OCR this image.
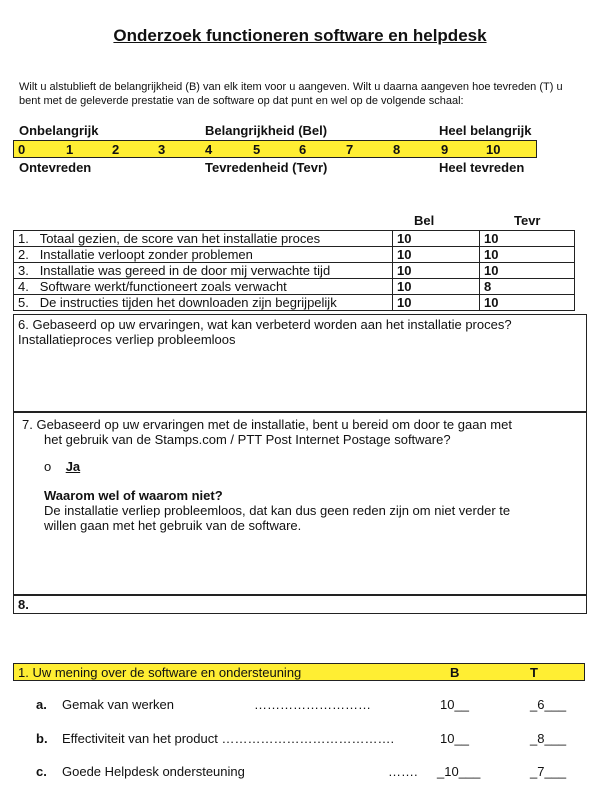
Onderzoek functioneren software en helpdesk
Wilt u alstublieft de belangrijkheid (B) van elk item voor u aangeven. Wilt u daarna aangeven hoe tevreden (T) u bent met de geleverde prestatie van de software op dat punt en wel op de volgende schaal:
Onbelangrijk	Belangrijkheid (Bel)	Heel belangrijk
0	1	2	3	4	5	6	7	8	9	10
Ontevreden	Tevredenheid (Tevr)	Heel tevreden
Bel	Tevr
1. Totaal gezien, de score van het installatie proces	10	10
2. Installatie verloopt zonder problemen	10	10
3. Installatie was gereed in de door mij verwachte tijd	10	10
4. Software werkt/functioneert zoals verwacht	10	8
5. De instructies tijden het downloaden zijn begrijpelijk	10	10
6. Gebaseerd op uw ervaringen, wat kan verbeterd worden aan het installatie proces?
Installatieproces verliep probleemloos
7. Gebaseerd op uw ervaringen met de installatie, bent u bereid om door te gaan met
het gebruik van de Stamps.com / PTT Post Internet Postage software?
o Ja
Waarom wel of waarom niet?
De installatie verliep probleemloos, dat kan dus geen reden zijn om niet verder te
willen gaan met het gebruik van de software.
8.
1. Uw mening over de software en ondersteuning	B	T
a. Gemak van werken	………………………	10__	_6___
b. Effectiviteit van het product ………………………………….	10__	_8___
c. Goede Helpdesk ondersteuning	……. _10___	_7___
